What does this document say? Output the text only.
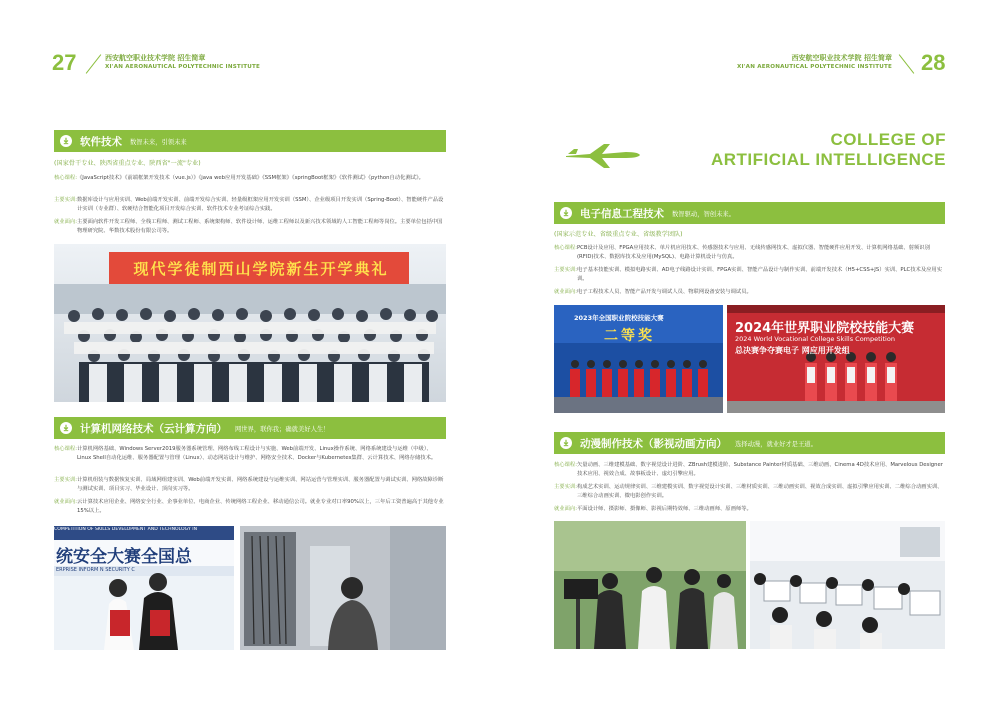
27	西安航空职业技术学院 招生简章
XI'AN AERONAUTICAL POLYTECHNIC INSTITUTE
软件技术 数智未来，引领未来
(国家骨干专业、陕西省重点专业、陕西省"一流"专业)
核心课程: 《JavaScript技术》《前端框架开发技术（vue.js）》《java web应用开发基础》《SSM框架》《springBoot框架》《软件测试》《python自动化测试》。
主要实训: 数据库设计与应用实训、Web前端开发实训、前端开发综合实训、轻量级框架应用开发实训（SSM）、企业级项目开发实训（Spring-Boot）、智能硬件产品设计实训（专业群）、软硬结合智能化项目开发综合实训、软件技术专业考证综合实践。
就业面向: 主要面向软件开发工程师、全栈工程师、测试工程师、系统架构师、软件设计师、运维工程师以及新兴技术领域的人工智能工程师等岗位。主要单位包括中国物理研究院、华数技术股份有限公司等。
现代学徒制西山学院新生开学典礼
计算机网络技术（云计算方向） 网世界，联你我；确就美好人生！
核心课程: 计算机网络基础、Windows Server2019服务器系统管理、网络布线工程设计与实施、Web前端开发、Linux操作系统、网络系统建设与运维（中级）、Linux Shell自动化运维、服务器配置与管理（Linux）、动态网站设计与维护、网络安全技术、Docker与Kubernetes集群、云计算技术、网络存储技术。
主要实训: 计算机组装与数据恢复实训、局域网组建实训、Web前端开发实训、网络系统建设与运维实训、网站运营与管理实训、服务器配置与调试实训、网络故障诊断与测试实训、项目实习、毕业设计、顶岗实习等。
就业面向: 云计算技术应用企业、网络安全行业、企事业单位、电商企业、传统网络工程企业、移动通信公司。就业专业对口率90%以上，三年后工资普遍高于其他专业15%以上。
COMPETITION OF SKILLS DEVELOPMENT AND TECHNOLOGY IN
统安全大赛全国总
ERPRISE INFORM N SECURITY C
西安航空职业技术学院 招生简章
XI'AN AERONAUTICAL POLYTECHNIC INSTITUTE 28
COLLEGE OF
ARTIFICIAL INTELLIGENCE
电子信息工程技术 数智驱动，智创未来。
(国家示范专业、省级重点专业、省级教学团队)
核心课程: PCB设计及应用、FPGA应用技术、单片机应用技术、传感器技术与应用、无线传感网技术、虚拟仪器、智能硬件应用开发、计算机网络基础、射频识别(RFID)技术、数据库技术及应用(MySQL)、电路计算机设计与仿真。
主要实训: 电子基本技能实训、模拟电路实训、AD电子线路设计实训、FPGA实训、智能产品设计与制作实训、前端开发技术（H5+CSS+JS）实训、PLC技术及应用实训。
就业面向: 电子工程技术人员、智能产品开发与调试人员、物联网设备安装与调试员。
2023年全国职业院校技能大赛
二等奖	2024年世界职业院校技能大赛
2024 World Vocational College Skills Competition
总决赛争夺赛电子 网应用开发组
动漫制作技术（影视动画方向） 选择动漫，就业好才是王道。
核心课程: 矢量动画、三维建模基础、数字视觉设计进阶、ZBrush建模进阶、Substance Painter材质基础、三维动画、Cinema 4D技术应用、Marvelous Designer技术应用、视效合成、故事板设计、虚幻引擎应用。
主要实训: 构成艺术实训、运动规律实训、三维建模实训、数字视觉设计实训、三维材质实训、三维动画实训、视效合成实训、虚拟引擎应用实训、二维综合动画实训、三维综合动画实训、微电影创作实训。
就业面向: 平面设计师、摄影师、摄像师、影视后期特效师、三维动画师、原画师等。
